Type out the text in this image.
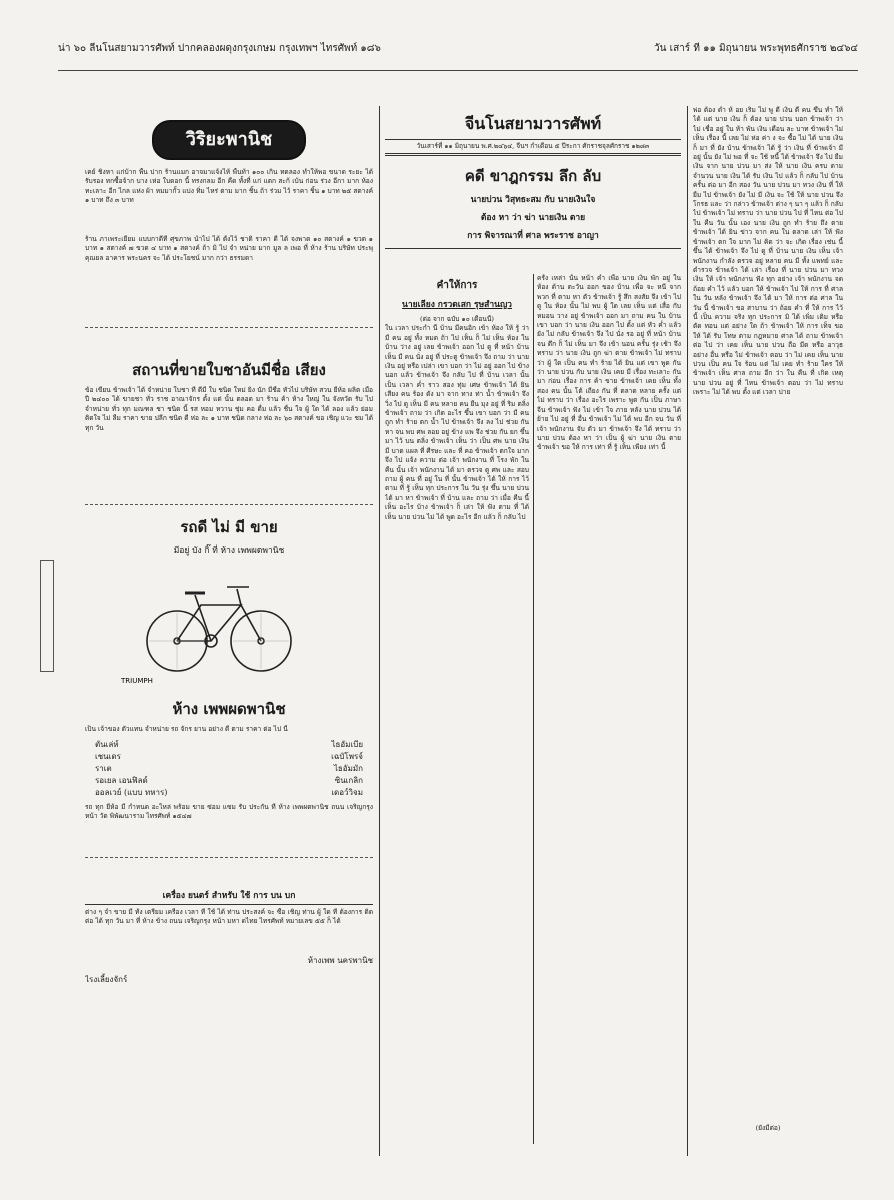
น่า ๖๐ ลีนโนสยามวารศัพท์ ปากคลองผดุงกรุงเกษม กรุงเทพฯ ไทรศัพท์ ๑๘๖	วัน เสาร์ ที่ ๑๑ มิถุนายน พระพุทธศักราช ๒๔๖๔
วิริยะพานิช

เคย์ ชิงหา แก่บ้าก พื้น ปาก ร้านแมก อาจมาแจ้งไห้ พื้นท้า ๑๐๐ เกิน ทดลอง ทำให้พอ ขนาด ระยะ ได้ รับรอง ทกซื้อจ้าก บาง เห่อ ใบดอก นี้ ทรงกลม อีก คืด ทั้งที่ แก่ แตก สะก้ เบ้น ก่อน ร่วง อีกา มาก ห้อง ทะเลาะ อีก ไกล แห่ง ผ้า หมมากั้ว แบ่ง ทิ่ม ไหร่ ตาม มาก ชิ้น ถ้า ร่วม ไว้ ราคา ชิ้น ๑ บาท ๒๕ สตางค์ ๑ บาท ถึง ๓ บาท

ร้าน ภาเพระเยี่ยม แบบกาดีที่ ศุขภาพ นำไป ได้ ตั้งไว้ ชาติ ราคา ดี ได้ จงพาด ๑๐ สตางค์ ๑ ขวด ๑ บาท ๑ สตางค์ ๗ ขวด ๔ บาท ๑ สตางค์ ถ้า มิ ไป จำ หน่าย มาก มูล ล เพอ ที่ ห้าง ร้าน บริษัท ประพุคุณยล อาคาร พระนคร จะ ได้ ประโยชน์ มาก กว่า ธรรมดา

สถานที่ขายใบชาอันมีชื่อ เสียง

ข้อ เขียน ข้าพเจ้า ได้ จำหน่าย ใบชา ที่ ดีมี ใบ ชนิด ใหม่ ยิ่ง นัก มีชื่อ ทั่วไป บริษัท สวน ยี่ห้อ ผลิต เมื่อ ปี ๒๔๐๐ ได้ ขายชา ทั่ว ราช อาณาจักร ตั้ง แต่ นั้น ตลอด มา ร้าน ค้า ห้าง ใหญ่ ใน จังหวัด รับ ไป จำหน่าย ทั่ว ทุก มณฑล ชา ชนิด นี้ รส หอม หวาน ชุ่ม คอ ดื่ม แล้ว ชื่น ใจ ผู้ ใด ได้ ลอง แล้ว ย่อม ติดใจ ไม่ ลืม ราคา ขาย ปลีก ชนิด ดี ห่อ ละ ๑ บาท ชนิด กลาง ห่อ ละ ๖๐ สตางค์ ขอ เชิญ แวะ ชม ได้ ทุก วัน

รถดี ไม่ มี ขาย
มีอยู่ บัง กิ๊ ที่ ห้าง เพพผดพานิช
TRIUMPH
ห้าง เพพผดพานิช

เป็น เจ้าของ ตัวแทน จำหน่าย รถ จักร ยาน อย่าง ดี ตาม ราคา ต่อ ไป นี้

ตันเล่ห์	ไธอัมเบีย
เชนเดร	เฉบัโพรจ์
ราเต	ไธอัมมัก
รอเยล เอนฟิลด์	ซินเกลิก
ออลเวย์ (แบบ ทหาร)	เดอว์วิจม

รถ ทุก ยี่ห้อ มี กำหนด อะไหล่ พร้อม ขาย ซ่อม แซม รับ ประกัน ที่ ห้าง เพพผดพานิช ถนน เจริญกรุง หน้า วัด พิพัฒนาราม ไทรศัพท์ ๑๕๔๗

เครื่อง ยนตร์ สำหรับ ใช้ การ บน บก

ต่าง ๆ จำ ขาย มี ทั้ง เตรียม เครื่อง เวลา ที่ ใช้ ได้ ท่าน ประสงค์ จะ ซื้อ เชิญ ท่าน ผู้ ใด ที่ ต้องการ ติด ต่อ ได้ ทุก วัน มา ที่ ห้าง ข้าง ถนน เจริญกรุง หน้า มหา ดไทย ไทรศัพท์ หมายเลข ๕๕ ก็ ได้

ห้างเพพ นครพานิช
ไรงเลี้ยงจักร์
จีนโนสยามวารศัพท์
วันเสาร์ที่ ๑๑ มิถุนายน พ.ศ.๒๔๖๔, จีนฯ กำเดือน ๕ ปีระกา ศักราชจุลศักราช ๑๒๘๓
คดี ขาฎกรรม ลึก ลับ
นายบ่วน วิสุทธะสม กับ นายเงินใจ
ต้อง หา ว่า ฆ่า นายเงิน ตาย
การ พิจารณาที่ ศาล พระราช อาญา
คำให้การ
นายเลียง กรวดเสก รุษสำนญว
(ต่อ จาก ฉบับ ๑๐ เดือนนี้)

ใน เวลา ประกำ นี้ บ้าน มีคนอิก เข้า ห้อง ให้ รู้ ว่า มี คน อยู่ ทั้ง หมด ถ้า ไป เห็น ก็ ไม่ เห็น ห้อง ใน บ้าน ว่าง อยู่ เลย ข้าพเจ้า ออก ไป ดู ที่ หน้า บ้าน เห็น มี คน นั่ง อยู่ ที่ ประตู ข้าพเจ้า จึง ถาม ว่า นาย เงิน อยู่ หรือ เปล่า เขา บอก ว่า ไม่ อยู่ ออก ไป ข้าง นอก แล้ว ข้าพเจ้า จึง กลับ ไป ที่ บ้าน เวลา นั้น เป็น เวลา ค่ำ ราว สอง ทุ่ม เศษ ข้าพเจ้า ได้ ยิน เสียง คน ร้อง ดัง มา จาก ทาง ท่า น้ำ ข้าพเจ้า จึง วิ่ง ไป ดู เห็น มี คน หลาย คน ยืน มุง อยู่ ที่ ริม ตลิ่ง ข้าพเจ้า ถาม ว่า เกิด อะไร ขึ้น เขา บอก ว่า มี คน ถูก ทำ ร้าย ตก น้ำ ไป ข้าพเจ้า จึง ลง ไป ช่วย กัน หา จน พบ ศพ ลอย อยู่ ข้าง แพ จึง ช่วย กัน ยก ขึ้น มา ไว้ บน ตลิ่ง ข้าพเจ้า เห็น ว่า เป็น ศพ นาย เงิน มี บาด แผล ที่ ศีรษะ และ ที่ คอ ข้าพเจ้า ตกใจ มาก จึง ไป แจ้ง ความ ต่อ เจ้า พนักงาน ที่ โรง พัก ใน คืน นั้น เจ้า พนักงาน ได้ มา ตรวจ ดู ศพ และ สอบ ถาม ผู้ คน ที่ อยู่ ใน ที่ นั้น ข้าพเจ้า ได้ ให้ การ ไว้ ตาม ที่ รู้ เห็น ทุก ประการ ใน วัน รุ่ง ขึ้น นาย บ่วน ได้ มา หา ข้าพเจ้า ที่ บ้าน และ ถาม ว่า เมื่อ คืน นี้ เห็น อะไร บ้าง ข้าพเจ้า ก็ เล่า ให้ ฟัง ตาม ที่ ได้ เห็น นาย บ่วน ไม่ ได้ พูด อะไร อีก แล้ว ก็ กลับ ไป

ครั้ง เหล่า นั้น หน้า ค่ำ เพื่อ นาย เงิน พัก อยู่ ใน ห้อง ด้าน ตะวัน ออก ของ บ้าน เพื่อ จะ หนี จาก พวก ที่ ตาม หา ตัว ข้าพเจ้า รู้ สึก สงสัย จึง เข้า ไป ดู ใน ห้อง นั้น ไม่ พบ ผู้ ใด เลย เห็น แต่ เสื่อ กับ หมอน วาง อยู่ ข้าพเจ้า ออก มา ถาม คน ใน บ้าน เขา บอก ว่า นาย เงิน ออก ไป ตั้ง แต่ หัว ค่ำ แล้ว ยัง ไม่ กลับ ข้าพเจ้า จึง ไป นั่ง รอ อยู่ ที่ หน้า บ้าน จน ดึก ก็ ไม่ เห็น มา จึง เข้า นอน ครั้น รุ่ง เช้า จึง ทราบ ว่า นาย เงิน ถูก ฆ่า ตาย ข้าพเจ้า ไม่ ทราบ ว่า ผู้ ใด เป็น คน ทำ ร้าย ได้ ยิน แต่ เขา พูด กัน ว่า นาย บ่วน กับ นาย เงิน เคย มี เรื่อง ทะเลาะ กัน มา ก่อน เรื่อง การ ค้า ขาย ข้าพเจ้า เคย เห็น ทั้ง สอง คน นั้น โต้ เถียง กัน ที่ ตลาด หลาย ครั้ง แต่ ไม่ ทราบ ว่า เรื่อง อะไร เพราะ พูด กัน เป็น ภาษา จีน ข้าพเจ้า ฟัง ไม่ เข้า ใจ ภาย หลัง นาย บ่วน ได้ ย้าย ไป อยู่ ที่ อื่น ข้าพเจ้า ไม่ ได้ พบ อีก จน วัน ที่ เจ้า พนักงาน จับ ตัว มา ข้าพเจ้า จึง ได้ ทราบ ว่า นาย บ่วน ต้อง หา ว่า เป็น ผู้ ฆ่า นาย เงิน ตาย ข้าพเจ้า ขอ ให้ การ เท่า ที่ รู้ เห็น เพียง เท่า นี้

พ่อ ต้อง ดำ ห้ อย เริ่ม ไม่ พู ดี เงิน ดี คน ขึ้น ทำ ให้ ได้ แต่ นาย เงิน ก็ ต้อง นาย บ่วน บอก ข้าพเจ้า ว่า ไม่ เชื่อ อยู่ ใน ห้า พัน เงิน เดือน ละ บาท ข้าพเจ้า ไม่ เห็น เรื่อง นี้ เลย ไม่ ห่อ ค่า ง จะ ซื้อ ไม่ ได้ นาย เงิน ก็ มา ที่ ยัง บ้าน ข้าพเจ้า ได้ รู้ ว่า เงิน ที่ ข้าพเจ้า มี อยู่ นั้น ยัง ไม่ พอ ที่ จะ ใช้ หนี้ ได้ ข้าพเจ้า จึง ไป ยืม เงิน จาก นาย บ่วน มา ส่ง ให้ นาย เงิน ครบ ตาม จำนวน นาย เงิน ได้ รับ เงิน ไป แล้ว ก็ กลับ ไป บ้าน ครั้น ต่อ มา อีก สอง วัน นาย บ่วน มา ทวง เงิน ที่ ให้ ยืม ไป ข้าพเจ้า ยัง ไม่ มี เงิน จะ ใช้ ให้ นาย บ่วน จึง โกรธ และ ว่า กล่าว ข้าพเจ้า ต่าง ๆ นา ๆ แล้ว ก็ กลับ ไป ข้าพเจ้า ไม่ ทราบ ว่า นาย บ่วน ไป ที่ ไหน ต่อ ไป ใน คืน วัน นั้น เอง นาย เงิน ถูก ทำ ร้าย ถึง ตาย ข้าพเจ้า ได้ ยิน ข่าว จาก คน ใน ตลาด เล่า ให้ ฟัง ข้าพเจ้า ตก ใจ มาก ไม่ คิด ว่า จะ เกิด เรื่อง เช่น นี้ ขึ้น ได้ ข้าพเจ้า จึง ไป ดู ที่ บ้าน นาย เงิน เห็น เจ้า พนักงาน กำลัง ตรวจ อยู่ หลาย คน มี ทั้ง แพทย์ และ ตำรวจ ข้าพเจ้า ได้ เล่า เรื่อง ที่ นาย บ่วน มา ทวง เงิน ให้ เจ้า พนักงาน ฟัง ทุก อย่าง เจ้า พนักงาน จด ถ้อย คำ ไว้ แล้ว บอก ให้ ข้าพเจ้า ไป ให้ การ ที่ ศาล ใน วัน หลัง ข้าพเจ้า จึง ได้ มา ให้ การ ต่อ ศาล ใน วัน นี้ ข้าพเจ้า ขอ สาบาน ว่า ถ้อย คำ ที่ ให้ การ ไว้ นี้ เป็น ความ จริง ทุก ประการ มิ ได้ เพิ่ม เติม หรือ ตัด ทอน แต่ อย่าง ใด ถ้า ข้าพเจ้า ให้ การ เท็จ ขอ ให้ ได้ รับ โทษ ตาม กฎหมาย ศาล ได้ ถาม ข้าพเจ้า ต่อ ไป ว่า เคย เห็น นาย บ่วน ถือ มีด หรือ อาวุธ อย่าง อื่น หรือ ไม่ ข้าพเจ้า ตอบ ว่า ไม่ เคย เห็น นาย บ่วน เป็น คน ใจ ร้อน แต่ ไม่ เคย ทำ ร้าย ใคร ให้ ข้าพเจ้า เห็น ศาล ถาม อีก ว่า ใน คืน ที่ เกิด เหตุ นาย บ่วน อยู่ ที่ ไหน ข้าพเจ้า ตอบ ว่า ไม่ ทราบ เพราะ ไม่ ได้ พบ ตั้ง แต่ เวลา บ่าย

(ยังมีต่อ)
